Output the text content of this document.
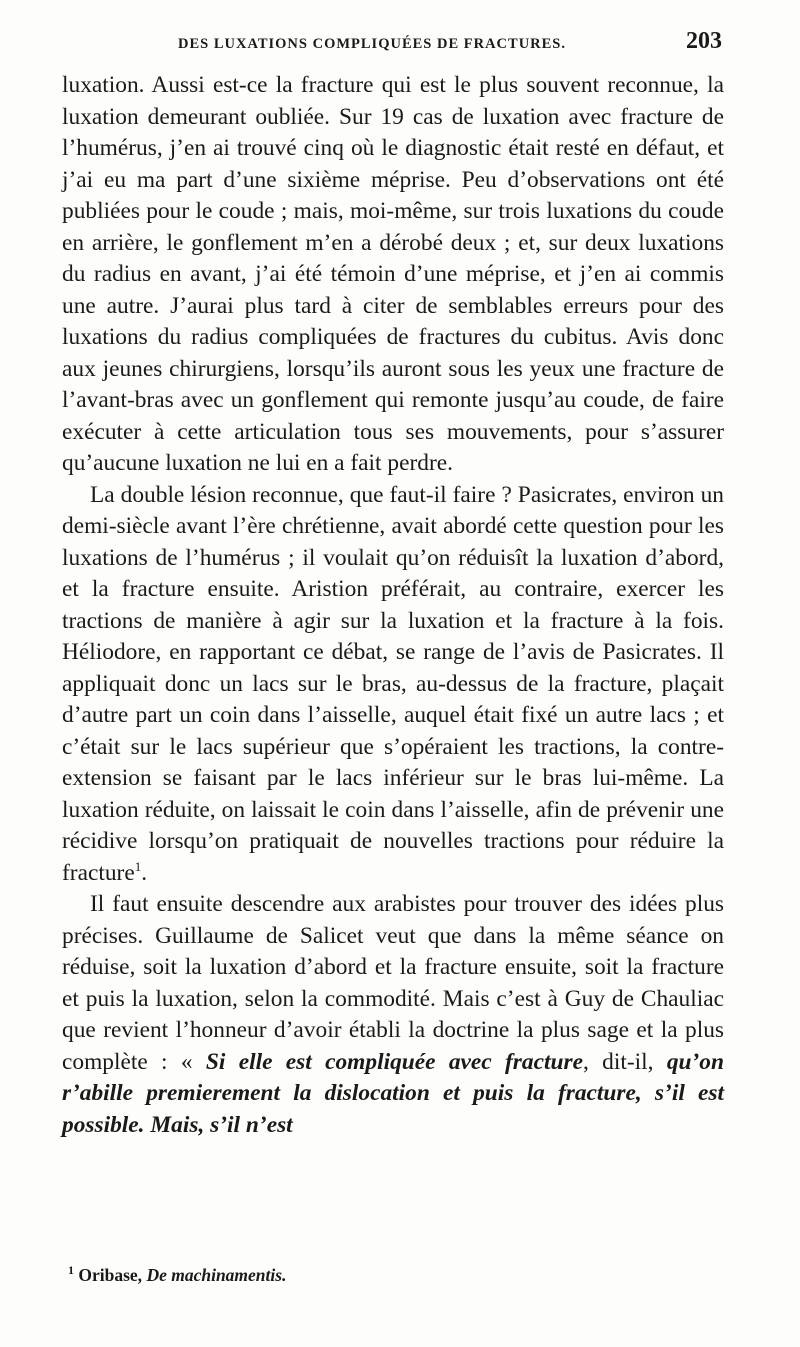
DES LUXATIONS COMPLIQUÉES DE FRACTURES.	203

luxation. Aussi est-ce la fracture qui est le plus souvent reconnue, la luxation demeurant oubliée. Sur 19 cas de luxation avec fracture de l’humérus, j’en ai trouvé cinq où le diagnostic était resté en défaut, et j’ai eu ma part d’une sixième méprise. Peu d’observations ont été publiées pour le coude ; mais, moi-même, sur trois luxations du coude en arrière, le gonflement m’en a dérobé deux ; et, sur deux luxations du radius en avant, j’ai été témoin d’une méprise, et j’en ai commis une autre. J’aurai plus tard à citer de semblables erreurs pour des luxations du radius compliquées de fractures du cubitus. Avis donc aux jeunes chirurgiens, lorsqu’ils auront sous les yeux une fracture de l’avant-bras avec un gonflement qui remonte jusqu’au coude, de faire exécuter à cette articulation tous ses mouvements, pour s’assurer qu’aucune luxation ne lui en a fait perdre.

La double lésion reconnue, que faut-il faire ? Pasicrates, environ un demi-siècle avant l’ère chrétienne, avait abordé cette question pour les luxations de l’humérus ; il voulait qu’on réduisît la luxation d’abord, et la fracture ensuite. Aristion préférait, au contraire, exercer les tractions de manière à agir sur la luxation et la fracture à la fois. Héliodore, en rapportant ce débat, se range de l’avis de Pasicrates. Il appliquait donc un lacs sur le bras, au-dessus de la fracture, plaçait d’autre part un coin dans l’aisselle, auquel était fixé un autre lacs ; et c’était sur le lacs supérieur que s’opéraient les tractions, la contre-extension se faisant par le lacs inférieur sur le bras lui-même. La luxation réduite, on laissait le coin dans l’aisselle, afin de prévenir une récidive lorsqu’on pratiquait de nouvelles tractions pour réduire la fracture$^1$.

Il faut ensuite descendre aux arabistes pour trouver des idées plus précises. Guillaume de Salicet veut que dans la même séance on réduise, soit la luxation d’abord et la fracture ensuite, soit la fracture et puis la luxation, selon la commodité. Mais c’est à Guy de Chauliac que revient l’honneur d’avoir établi la doctrine la plus sage et la plus complète : « Si elle est compliquée avec fracture, dit-il, qu’on r’abille premierement la dislocation et puis la fracture, s’il est possible. Mais, s’il n’est

$^1$ Oribase, De machinamentis.
